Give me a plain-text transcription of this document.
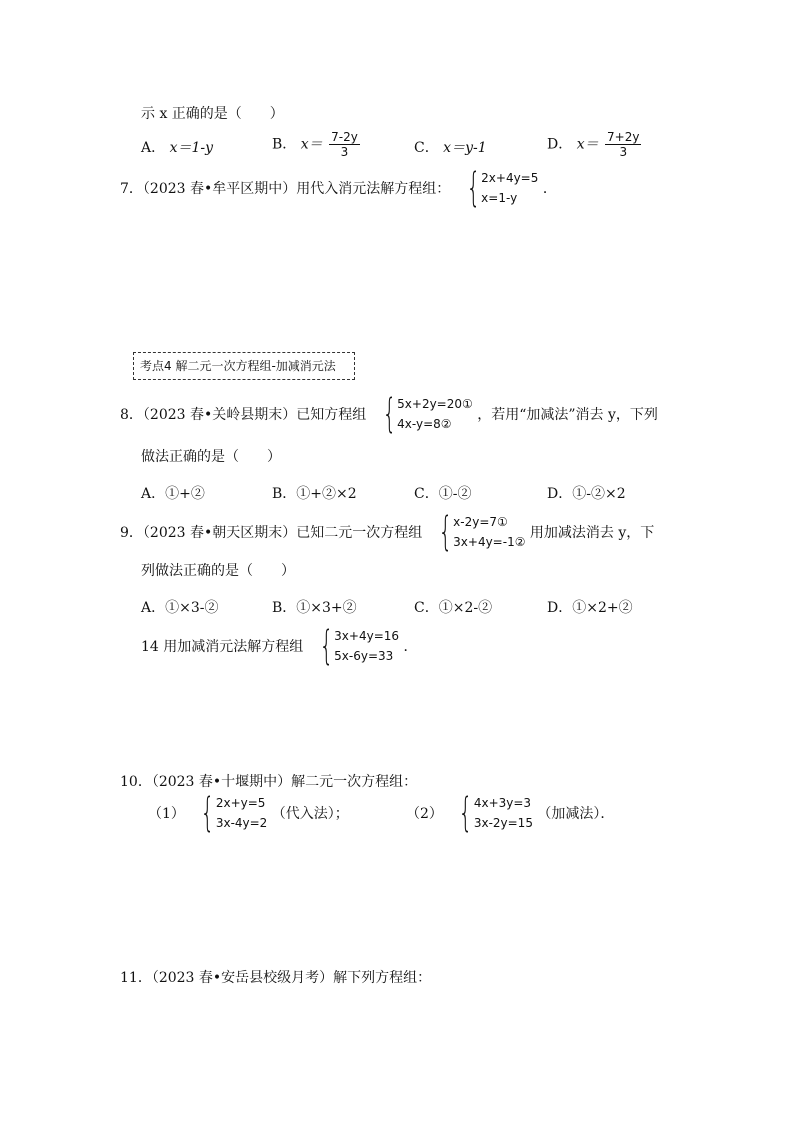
示 x 正确的是（　　）
A． x＝1-y	B． $x= \frac{7-2y}{3}$	C． x＝y-1	D． $x= \frac{7+2y}{3}$
7．（2023 春•牟平区期中）用代入消元法解方程组： { 2x+4y=5
x=1-y
．
考点4 解二元一次方程组-加减消元法
8．（2023 春•关岭县期末）已知方程组 { 5x+2y=20①
4x-y=8②
，若用“加减法”消去 y，下列
做法正确的是（　　）
A．①+②	B．①+②×2	C．①-②	D．①-②×2
9．（2023 春•朝天区期末）已知二元一次方程组 { x-2y=7①
3x+4y=-1②
用加减法消去 y，下
列做法正确的是（　　）
A．①×3-②	B．①×3+②	C．①×2-②	D．①×2+②
14 用加减消元法解方程组 { 3x+4y=16
5x-6y=33
．
10．（2023 春•十堰期中）解二元一次方程组：
（1） { 2x+y=5
3x-4y=2
（代入法）；	（2） { 4x+3y=3
3x-2y=15
（加减法）．
11．（2023 春•安岳县校级月考）解下列方程组：
